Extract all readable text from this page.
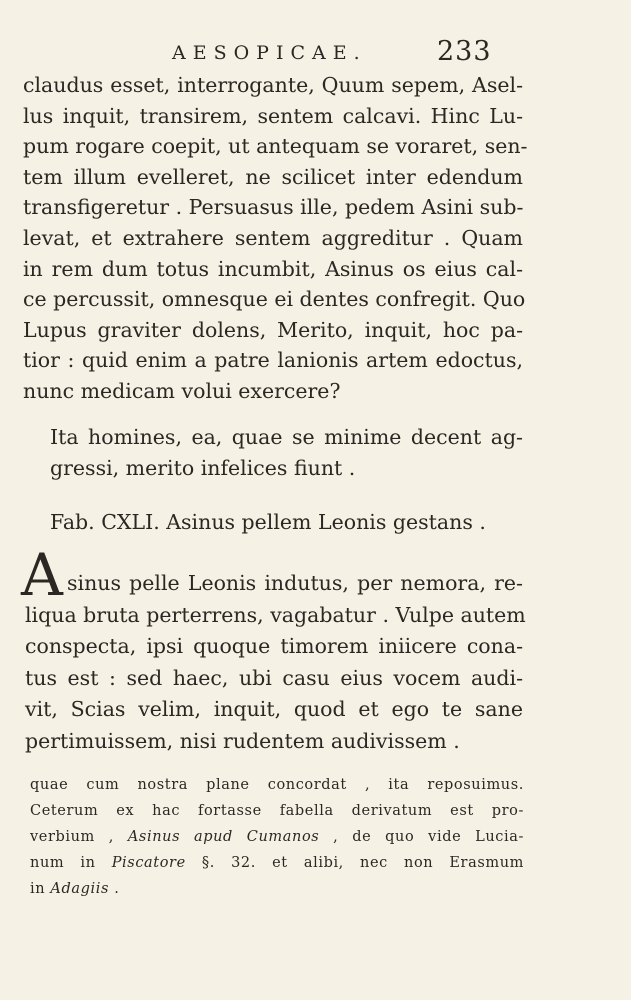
AESOPICAE.	233
claudus esset, interrogante, Quum sepem, Asel-
lus inquit, transirem, sentem calcavi. Hinc Lu-
pum rogare coepit, ut antequam se voraret, sen-
tem illum evelleret, ne scilicet inter edendum
transfigeretur . Persuasus ille, pedem Asini sub-
levat, et extrahere sentem aggreditur . Quam
in rem dum totus incumbit, Asinus os eius cal-
ce percussit, omnesque ei dentes confregit. Quo
Lupus graviter dolens, Merito, inquit, hoc pa-
tior : quid enim a patre lanionis artem edoctus,
nunc medicam volui exercere?
Ita homines, ea, quae se minime decent ag-
gressi, merito infelices fiunt .
Fab. CXLI. Asinus pellem Leonis gestans .
A sinus pelle Leonis indutus, per nemora, re-
liqua bruta perterrens, vagabatur . Vulpe autem
conspecta, ipsi quoque timorem iniicere cona-
tus est : sed haec, ubi casu eius vocem audi-
vit, Scias velim, inquit, quod et ego te sane
pertimuissem, nisi rudentem audivissem .
quae cum nostra plane concordat , ita reposuimus.
Ceterum ex hac fortasse fabella derivatum est pro-
verbium , Asinus apud Cumanos , de quo vide Lucia-
num in Piscatore §. 32. et alibi, nec non Erasmum
in Adagiis .
